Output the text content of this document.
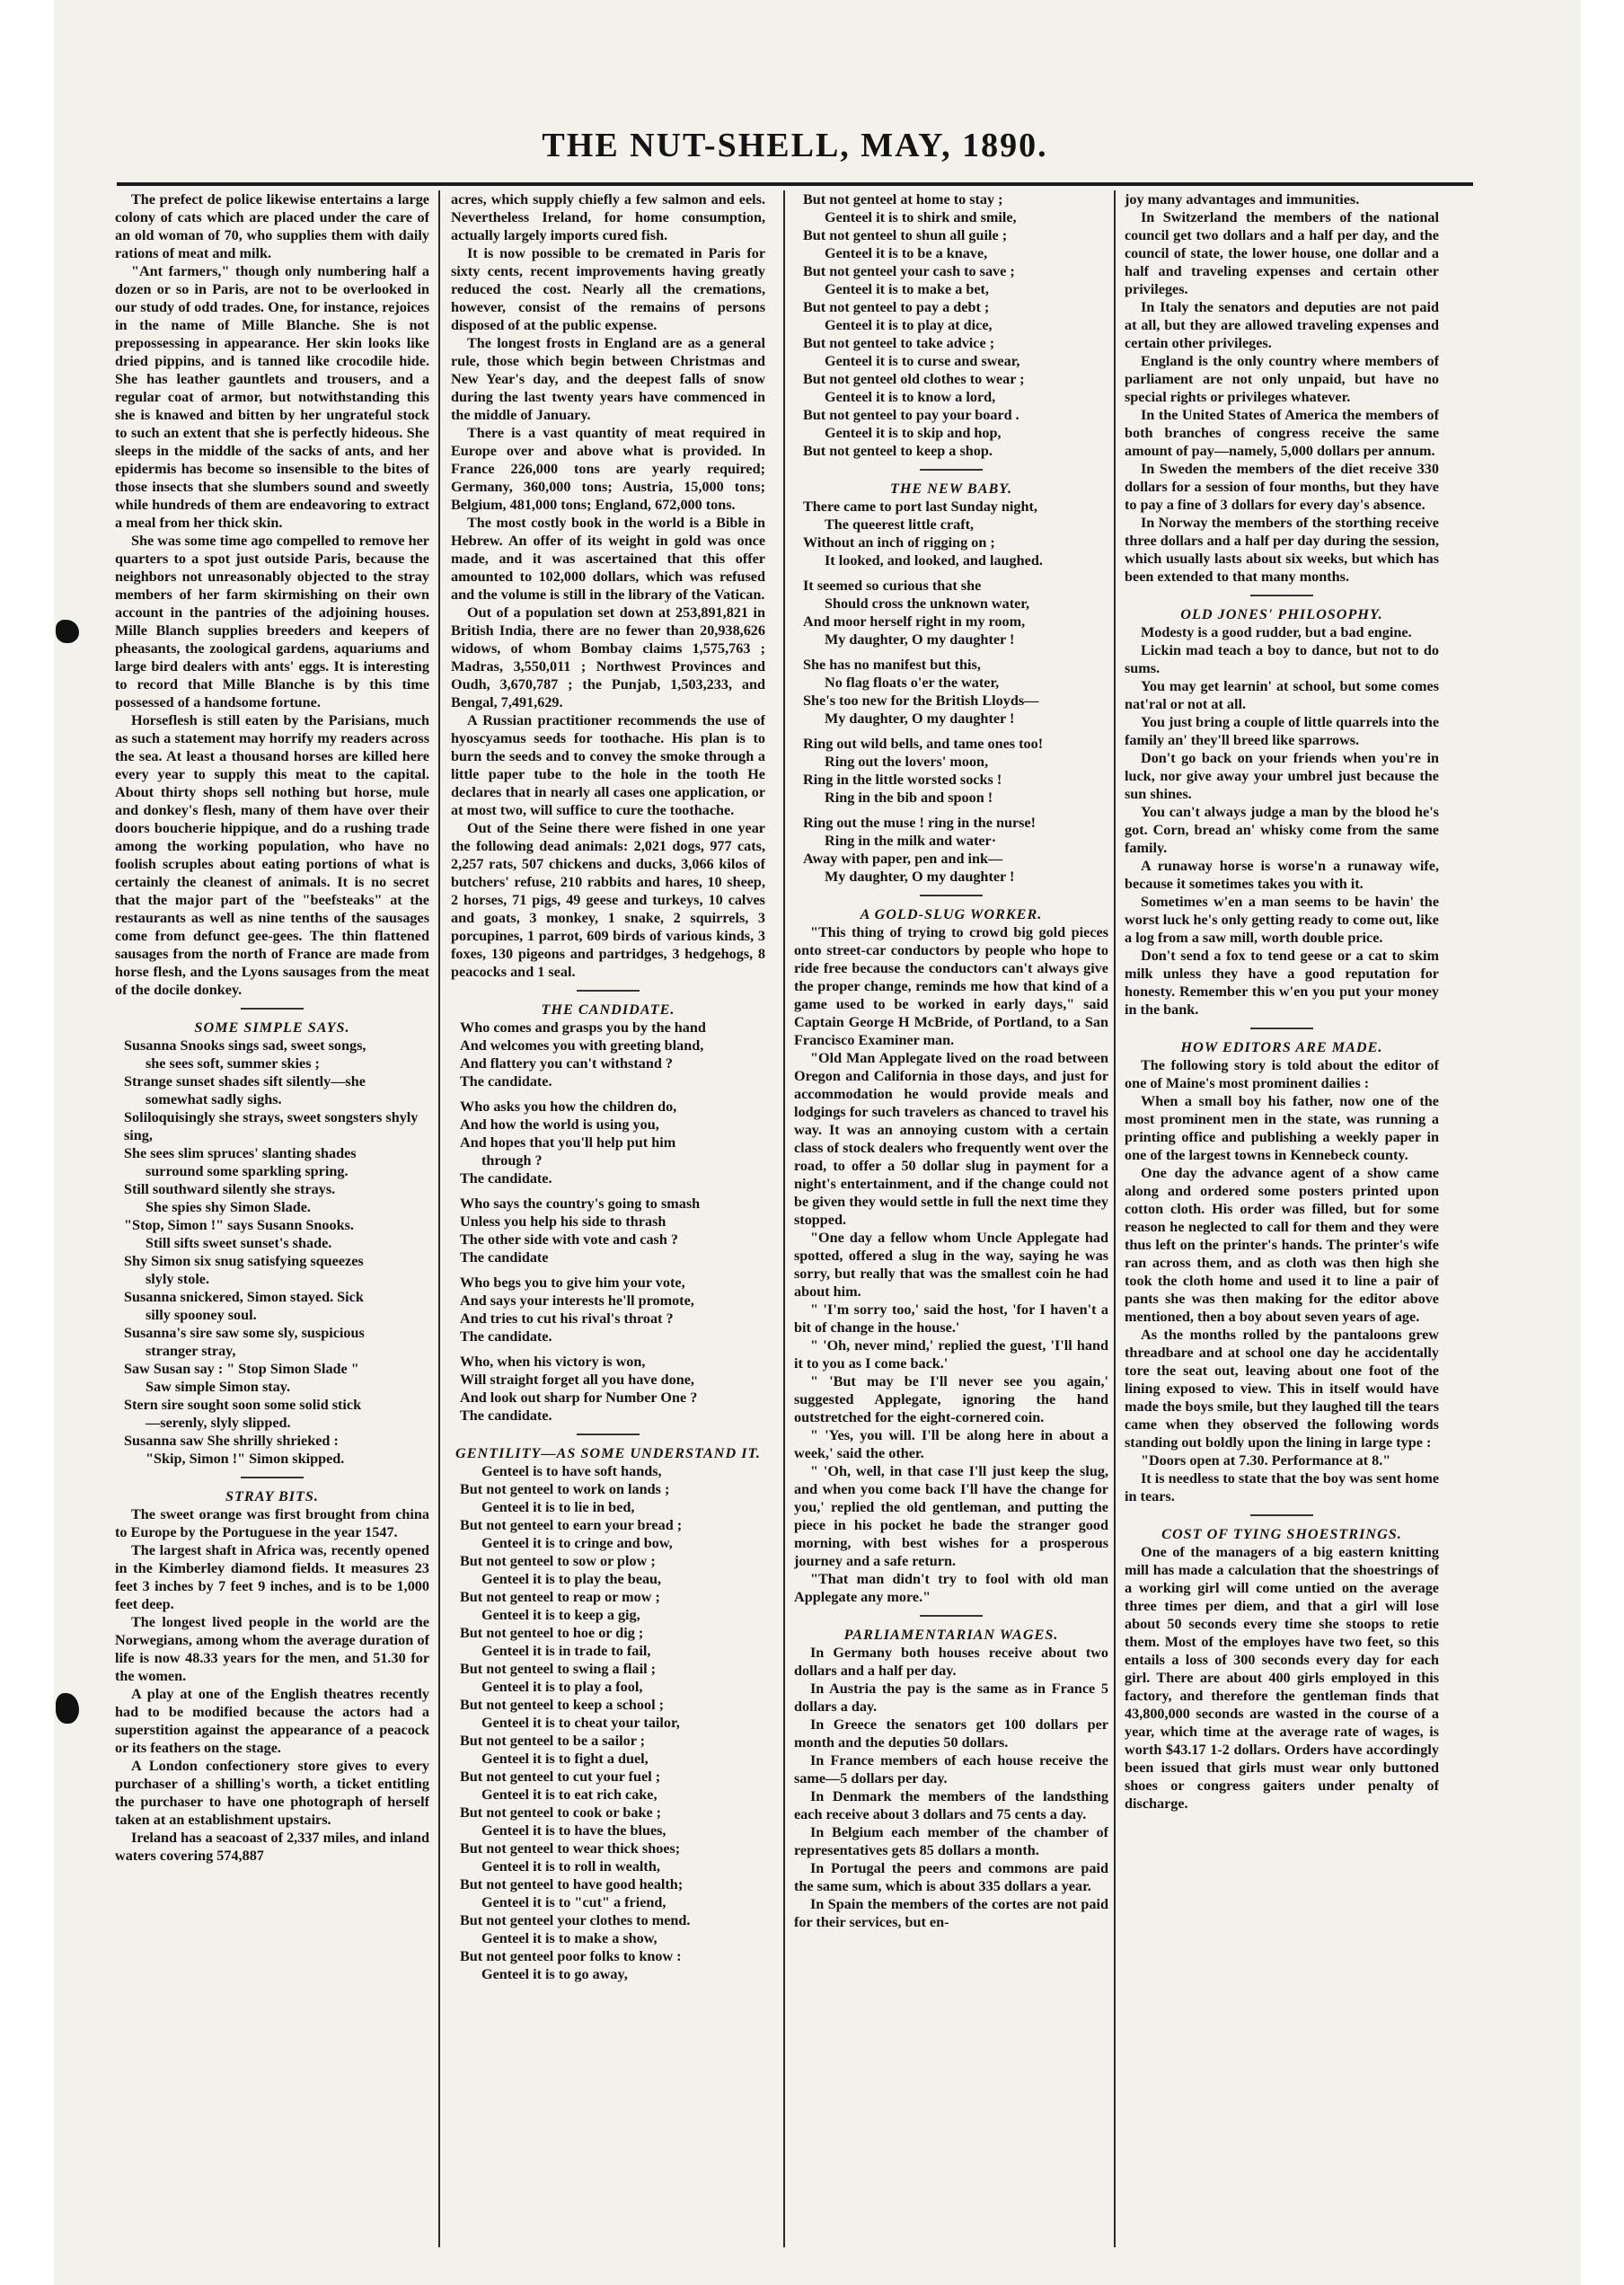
THE NUT-SHELL, MAY, 1890.

The prefect de police likewise entertains a large colony of cats which are placed under the care of an old woman of 70, who supplies them with daily rations of meat and milk.

"Ant farmers," though only numbering half a dozen or so in Paris, are not to be overlooked in our study of odd trades. One, for instance, rejoices in the name of Mille Blanche. She is not prepossessing in appearance. Her skin looks like dried pippins, and is tanned like crocodile hide. She has leather gauntlets and trousers, and a regular coat of armor, but notwithstanding this she is knawed and bitten by her ungrateful stock to such an extent that she is perfectly hideous. She sleeps in the middle of the sacks of ants, and her epidermis has become so insensible to the bites of those insects that she slumbers sound and sweetly while hundreds of them are endeavoring to extract a meal from her thick skin.

She was some time ago compelled to remove her quarters to a spot just outside Paris, because the neighbors not unreasonably objected to the stray members of her farm skirmishing on their own account in the pantries of the adjoining houses. Mille Blanch supplies breeders and keepers of pheasants, the zoological gardens, aquariums and large bird dealers with ants' eggs. It is interesting to record that Mille Blanche is by this time possessed of a handsome fortune.

Horseflesh is still eaten by the Parisians, much as such a statement may horrify my readers across the sea. At least a thousand horses are killed here every year to supply this meat to the capital. About thirty shops sell nothing but horse, mule and donkey's flesh, many of them have over their doors boucherie hippique, and do a rushing trade among the working population, who have no foolish scruples about eating portions of what is certainly the cleanest of animals. It is no secret that the major part of the "beefsteaks" at the restaurants as well as nine tenths of the sausages come from defunct gee-gees. The thin flattened sausages from the north of France are made from horse flesh, and the Lyons sausages from the meat of the docile donkey.

SOME SIMPLE SAYS.

Susanna Snooks sings sad, sweet songs,

she sees soft, summer skies ;

Strange sunset shades sift silently—she

somewhat sadly sighs.

Soliloquisingly she strays, sweet songsters shyly sing,

She sees slim spruces' slanting shades

surround some sparkling spring.

Still southward silently she strays.

She spies shy Simon Slade.

"Stop, Simon !" says Susann Snooks.

Still sifts sweet sunset's shade.

Shy Simon six snug satisfying squeezes

slyly stole.

Susanna snickered, Simon stayed. Sick

silly spooney soul.

Susanna's sire saw some sly, suspicious

stranger stray,

Saw Susan say : " Stop Simon Slade "

Saw simple Simon stay.

Stern sire sought soon some solid stick

—serenly, slyly slipped.

Susanna saw She shrilly shrieked :

"Skip, Simon !" Simon skipped.

STRAY BITS.

The sweet orange was first brought from china to Europe by the Portuguese in the year 1547.

The largest shaft in Africa was, recently opened in the Kimberley diamond fields. It measures 23 feet 3 inches by 7 feet 9 inches, and is to be 1,000 feet deep.

The longest lived people in the world are the Norwegians, among whom the average duration of life is now 48.33 years for the men, and 51.30 for the women.

A play at one of the English theatres recently had to be modified because the actors had a superstition against the appearance of a peacock or its feathers on the stage.

A London confectionery store gives to every purchaser of a shilling's worth, a ticket entitling the purchaser to have one photograph of herself taken at an establishment upstairs.

Ireland has a seacoast of 2,337 miles, and inland waters covering 574,887

acres, which supply chiefly a few salmon and eels. Nevertheless Ireland, for home consumption, actually largely imports cured fish.

It is now possible to be cremated in Paris for sixty cents, recent improvements having greatly reduced the cost. Nearly all the cremations, however, consist of the remains of persons disposed of at the public expense.

The longest frosts in England are as a general rule, those which begin between Christmas and New Year's day, and the deepest falls of snow during the last twenty years have commenced in the middle of January.

There is a vast quantity of meat required in Europe over and above what is provided. In France 226,000 tons are yearly required; Germany, 360,000 tons; Austria, 15,000 tons; Belgium, 481,000 tons; England, 672,000 tons.

The most costly book in the world is a Bible in Hebrew. An offer of its weight in gold was once made, and it was ascertained that this offer amounted to 102,000 dollars, which was refused and the volume is still in the library of the Vatican.

Out of a population set down at 253,891,821 in British India, there are no fewer than 20,938,626 widows, of whom Bombay claims 1,575,763 ; Madras, 3,550,011 ; Northwest Provinces and Oudh, 3,670,787 ; the Punjab, 1,503,233, and Bengal, 7,491,629.

A Russian practitioner recommends the use of hyoscyamus seeds for toothache. His plan is to burn the seeds and to convey the smoke through a little paper tube to the hole in the tooth He declares that in nearly all cases one application, or at most two, will suffice to cure the toothache.

Out of the Seine there were fished in one year the following dead animals: 2,021 dogs, 977 cats, 2,257 rats, 507 chickens and ducks, 3,066 kilos of butchers' refuse, 210 rabbits and hares, 10 sheep, 2 horses, 71 pigs, 49 geese and turkeys, 10 calves and goats, 3 monkey, 1 snake, 2 squirrels, 3 porcupines, 1 parrot, 609 birds of various kinds, 3 foxes, 130 pigeons and partridges, 3 hedgehogs, 8 peacocks and 1 seal.

THE CANDIDATE.

Who comes and grasps you by the hand

And welcomes you with greeting bland,

And flattery you can't withstand ?

The candidate.

Who asks you how the children do,

And how the world is using you,

And hopes that you'll help put him

through ?

The candidate.

Who says the country's going to smash

Unless you help his side to thrash

The other side with vote and cash ?

The candidate

Who begs you to give him your vote,

And says your interests he'll promote,

And tries to cut his rival's throat ?

The candidate.

Who, when his victory is won,

Will straight forget all you have done,

And look out sharp for Number One ?

The candidate.

GENTILITY—AS SOME UNDERSTAND IT.

Genteel is to have soft hands,

But not genteel to work on lands ;

Genteel it is to lie in bed,

But not genteel to earn your bread ;

Genteel it is to cringe and bow,

But not genteel to sow or plow ;

Genteel it is to play the beau,

But not genteel to reap or mow ;

Genteel it is to keep a gig,

But not genteel to hoe or dig ;

Genteel it is in trade to fail,

But not genteel to swing a flail ;

Genteel it is to play a fool,

But not genteel to keep a school ;

Genteel it is to cheat your tailor,

But not genteel to be a sailor ;

Genteel it is to fight a duel,

But not genteel to cut your fuel ;

Genteel it is to eat rich cake,

But not genteel to cook or bake ;

Genteel it is to have the blues,

But not genteel to wear thick shoes;

Genteel it is to roll in wealth,

But not genteel to have good health;

Genteel it is to "cut" a friend,

But not genteel your clothes to mend.

Genteel it is to make a show,

But not genteel poor folks to know :

Genteel it is to go away,

But not genteel at home to stay ;

Genteel it is to shirk and smile,

But not genteel to shun all guile ;

Genteel it is to be a knave,

But not genteel your cash to save ;

Genteel it is to make a bet,

But not genteel to pay a debt ;

Genteel it is to play at dice,

But not genteel to take advice ;

Genteel it is to curse and swear,

But not genteel old clothes to wear ;

Genteel it is to know a lord,

But not genteel to pay your board .

Genteel it is to skip and hop,

But not genteel to keep a shop.

THE NEW BABY.

There came to port last Sunday night,

The queerest little craft,

Without an inch of rigging on ;

It looked, and looked, and laughed.

It seemed so curious that she

Should cross the unknown water,

And moor herself right in my room,

My daughter, O my daughter !

She has no manifest but this,

No flag floats o'er the water,

She's too new for the British Lloyds—

My daughter, O my daughter !

Ring out wild bells, and tame ones too!

Ring out the lovers' moon,

Ring in the little worsted socks !

Ring in the bib and spoon !

Ring out the muse ! ring in the nurse!

Ring in the milk and water·

Away with paper, pen and ink—

My daughter, O my daughter !

A GOLD-SLUG WORKER.

"This thing of trying to crowd big gold pieces onto street-car conductors by people who hope to ride free because the conductors can't always give the proper change, reminds me how that kind of a game used to be worked in early days," said Captain George H McBride, of Portland, to a San Francisco Examiner man.

"Old Man Applegate lived on the road between Oregon and California in those days, and just for accommodation he would provide meals and lodgings for such travelers as chanced to travel his way. It was an annoying custom with a certain class of stock dealers who frequently went over the road, to offer a 50 dollar slug in payment for a night's entertainment, and if the change could not be given they would settle in full the next time they stopped.

"One day a fellow whom Uncle Applegate had spotted, offered a slug in the way, saying he was sorry, but really that was the smallest coin he had about him.

" 'I'm sorry too,' said the host, 'for I haven't a bit of change in the house.'

" 'Oh, never mind,' replied the guest, 'I'll hand it to you as I come back.'

" 'But may be I'll never see you again,' suggested Applegate, ignoring the hand outstretched for the eight-cornered coin.

" 'Yes, you will. I'll be along here in about a week,' said the other.

" 'Oh, well, in that case I'll just keep the slug, and when you come back I'll have the change for you,' replied the old gentleman, and putting the piece in his pocket he bade the stranger good morning, with best wishes for a prosperous journey and a safe return.

"That man didn't try to fool with old man Applegate any more."

PARLIAMENTARIAN WAGES.

In Germany both houses receive about two dollars and a half per day.

In Austria the pay is the same as in France 5 dollars a day.

In Greece the senators get 100 dollars per month and the deputies 50 dollars.

In France members of each house receive the same—5 dollars per day.

In Denmark the members of the landsthing each receive about 3 dollars and 75 cents a day.

In Belgium each member of the chamber of representatives gets 85 dollars a month.

In Portugal the peers and commons are paid the same sum, which is about 335 dollars a year.

In Spain the members of the cortes are not paid for their services, but en-

joy many advantages and immunities.

In Switzerland the members of the national council get two dollars and a half per day, and the council of state, the lower house, one dollar and a half and traveling expenses and certain other privileges.

In Italy the senators and deputies are not paid at all, but they are allowed traveling expenses and certain other privileges.

England is the only country where members of parliament are not only unpaid, but have no special rights or privileges whatever.

In the United States of America the members of both branches of congress receive the same amount of pay—namely, 5,000 dollars per annum.

In Sweden the members of the diet receive 330 dollars for a session of four months, but they have to pay a fine of 3 dollars for every day's absence.

In Norway the members of the storthing receive three dollars and a half per day during the session, which usually lasts about six weeks, but which has been extended to that many months.

OLD JONES' PHILOSOPHY.

Modesty is a good rudder, but a bad engine.

Lickin mad teach a boy to dance, but not to do sums.

You may get learnin' at school, but some comes nat'ral or not at all.

You just bring a couple of little quarrels into the family an' they'll breed like sparrows.

Don't go back on your friends when you're in luck, nor give away your umbrel just because the sun shines.

You can't always judge a man by the blood he's got. Corn, bread an' whisky come from the same family.

A runaway horse is worse'n a runaway wife, because it sometimes takes you with it.

Sometimes w'en a man seems to be havin' the worst luck he's only getting ready to come out, like a log from a saw mill, worth double price.

Don't send a fox to tend geese or a cat to skim milk unless they have a good reputation for honesty. Remember this w'en you put your money in the bank.

HOW EDITORS ARE MADE.

The following story is told about the editor of one of Maine's most prominent dailies :

When a small boy his father, now one of the most prominent men in the state, was running a printing office and publishing a weekly paper in one of the largest towns in Kennebeck county.

One day the advance agent of a show came along and ordered some posters printed upon cotton cloth. His order was filled, but for some reason he neglected to call for them and they were thus left on the printer's hands. The printer's wife ran across them, and as cloth was then high she took the cloth home and used it to line a pair of pants she was then making for the editor above mentioned, then a boy about seven years of age.

As the months rolled by the pantaloons grew threadbare and at school one day he accidentally tore the seat out, leaving about one foot of the lining exposed to view. This in itself would have made the boys smile, but they laughed till the tears came when they observed the following words standing out boldly upon the lining in large type :

"Doors open at 7.30. Performance at 8."

It is needless to state that the boy was sent home in tears.

COST OF TYING SHOESTRINGS.

One of the managers of a big eastern knitting mill has made a calculation that the shoestrings of a working girl will come untied on the average three times per diem, and that a girl will lose about 50 seconds every time she stoops to retie them. Most of the employes have two feet, so this entails a loss of 300 seconds every day for each girl. There are about 400 girls employed in this factory, and therefore the gentleman finds that 43,800,000 seconds are wasted in the course of a year, which time at the average rate of wages, is worth $43.17 1-2 dollars. Orders have accordingly been issued that girls must wear only buttoned shoes or congress gaiters under penalty of discharge.
